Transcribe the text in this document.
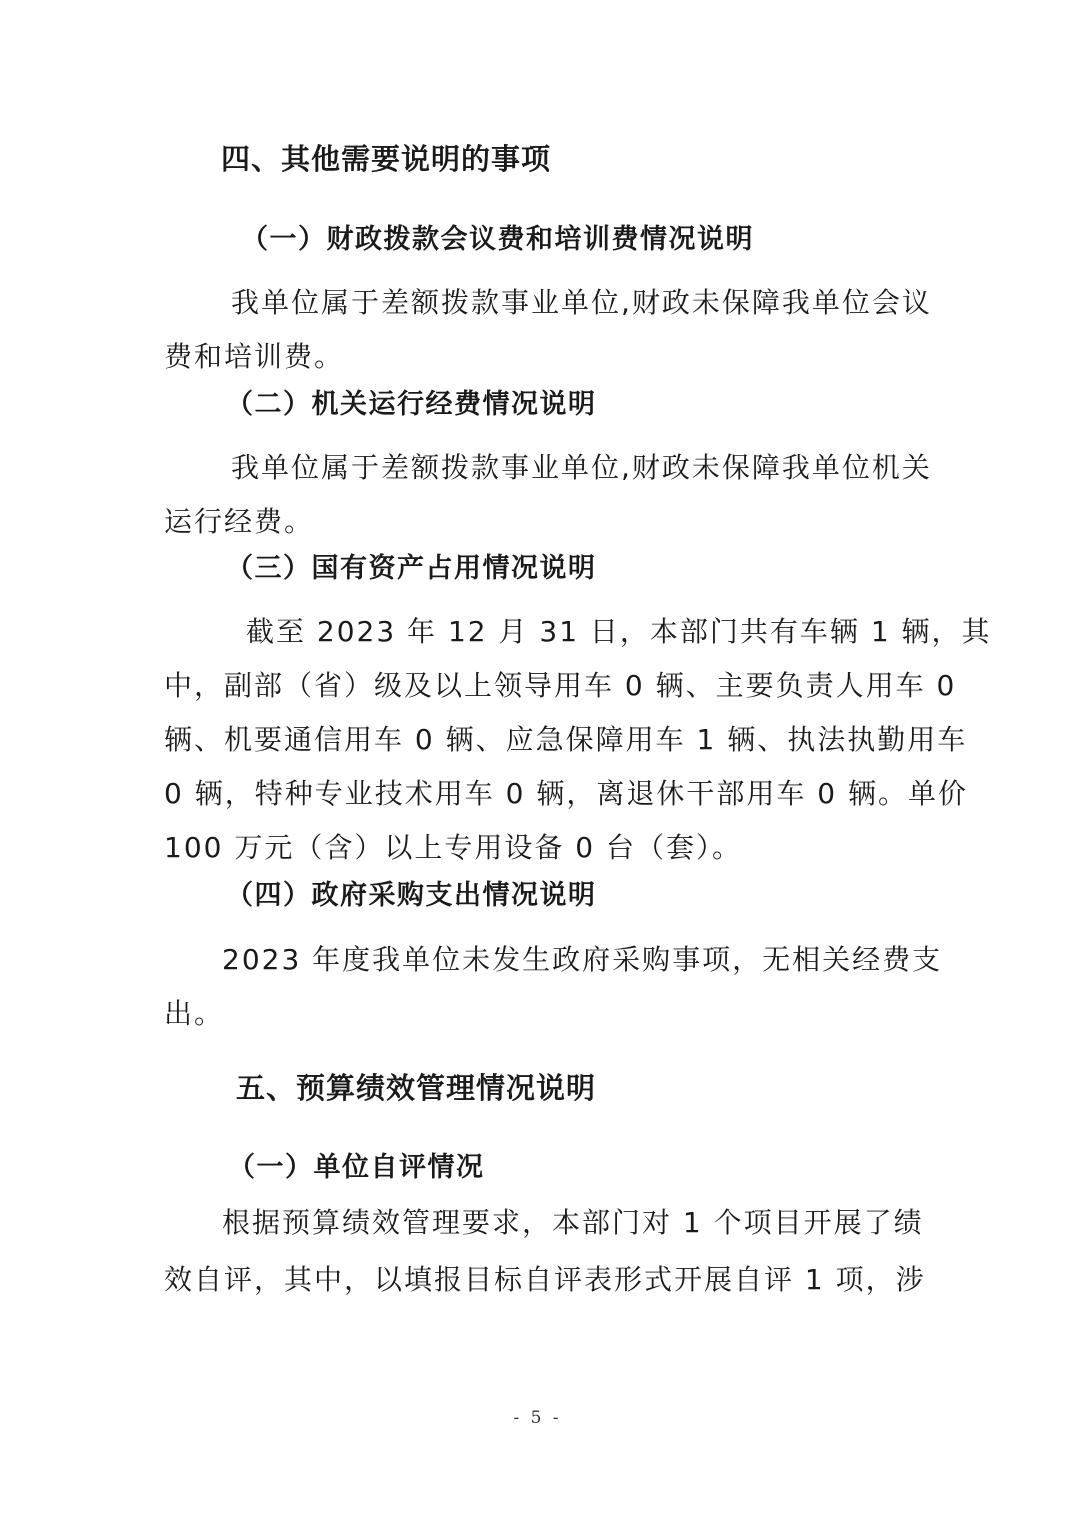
四、其他需要说明的事项
（一）财政拨款会议费和培训费情况说明
我单位属于差额拨款事业单位,财政未保障我单位会议
费和培训费。
（二）机关运行经费情况说明
我单位属于差额拨款事业单位,财政未保障我单位机关
运行经费。
（三）国有资产占用情况说明
截至 2023 年 12 月 31 日，本部门共有车辆 1 辆，其
中，副部（省）级及以上领导用车 0 辆、主要负责人用车 0
辆、机要通信用车 0 辆、应急保障用车 1 辆、执法执勤用车
0 辆，特种专业技术用车 0 辆，离退休干部用车 0 辆。单价
100 万元（含）以上专用设备 0 台（套）。
（四）政府采购支出情况说明
2023 年度我单位未发生政府采购事项，无相关经费支
出。
五、预算绩效管理情况说明
（一）单位自评情况
根据预算绩效管理要求，本部门对 1 个项目开展了绩
效自评，其中，以填报目标自评表形式开展自评 1 项，涉
- 5 -
